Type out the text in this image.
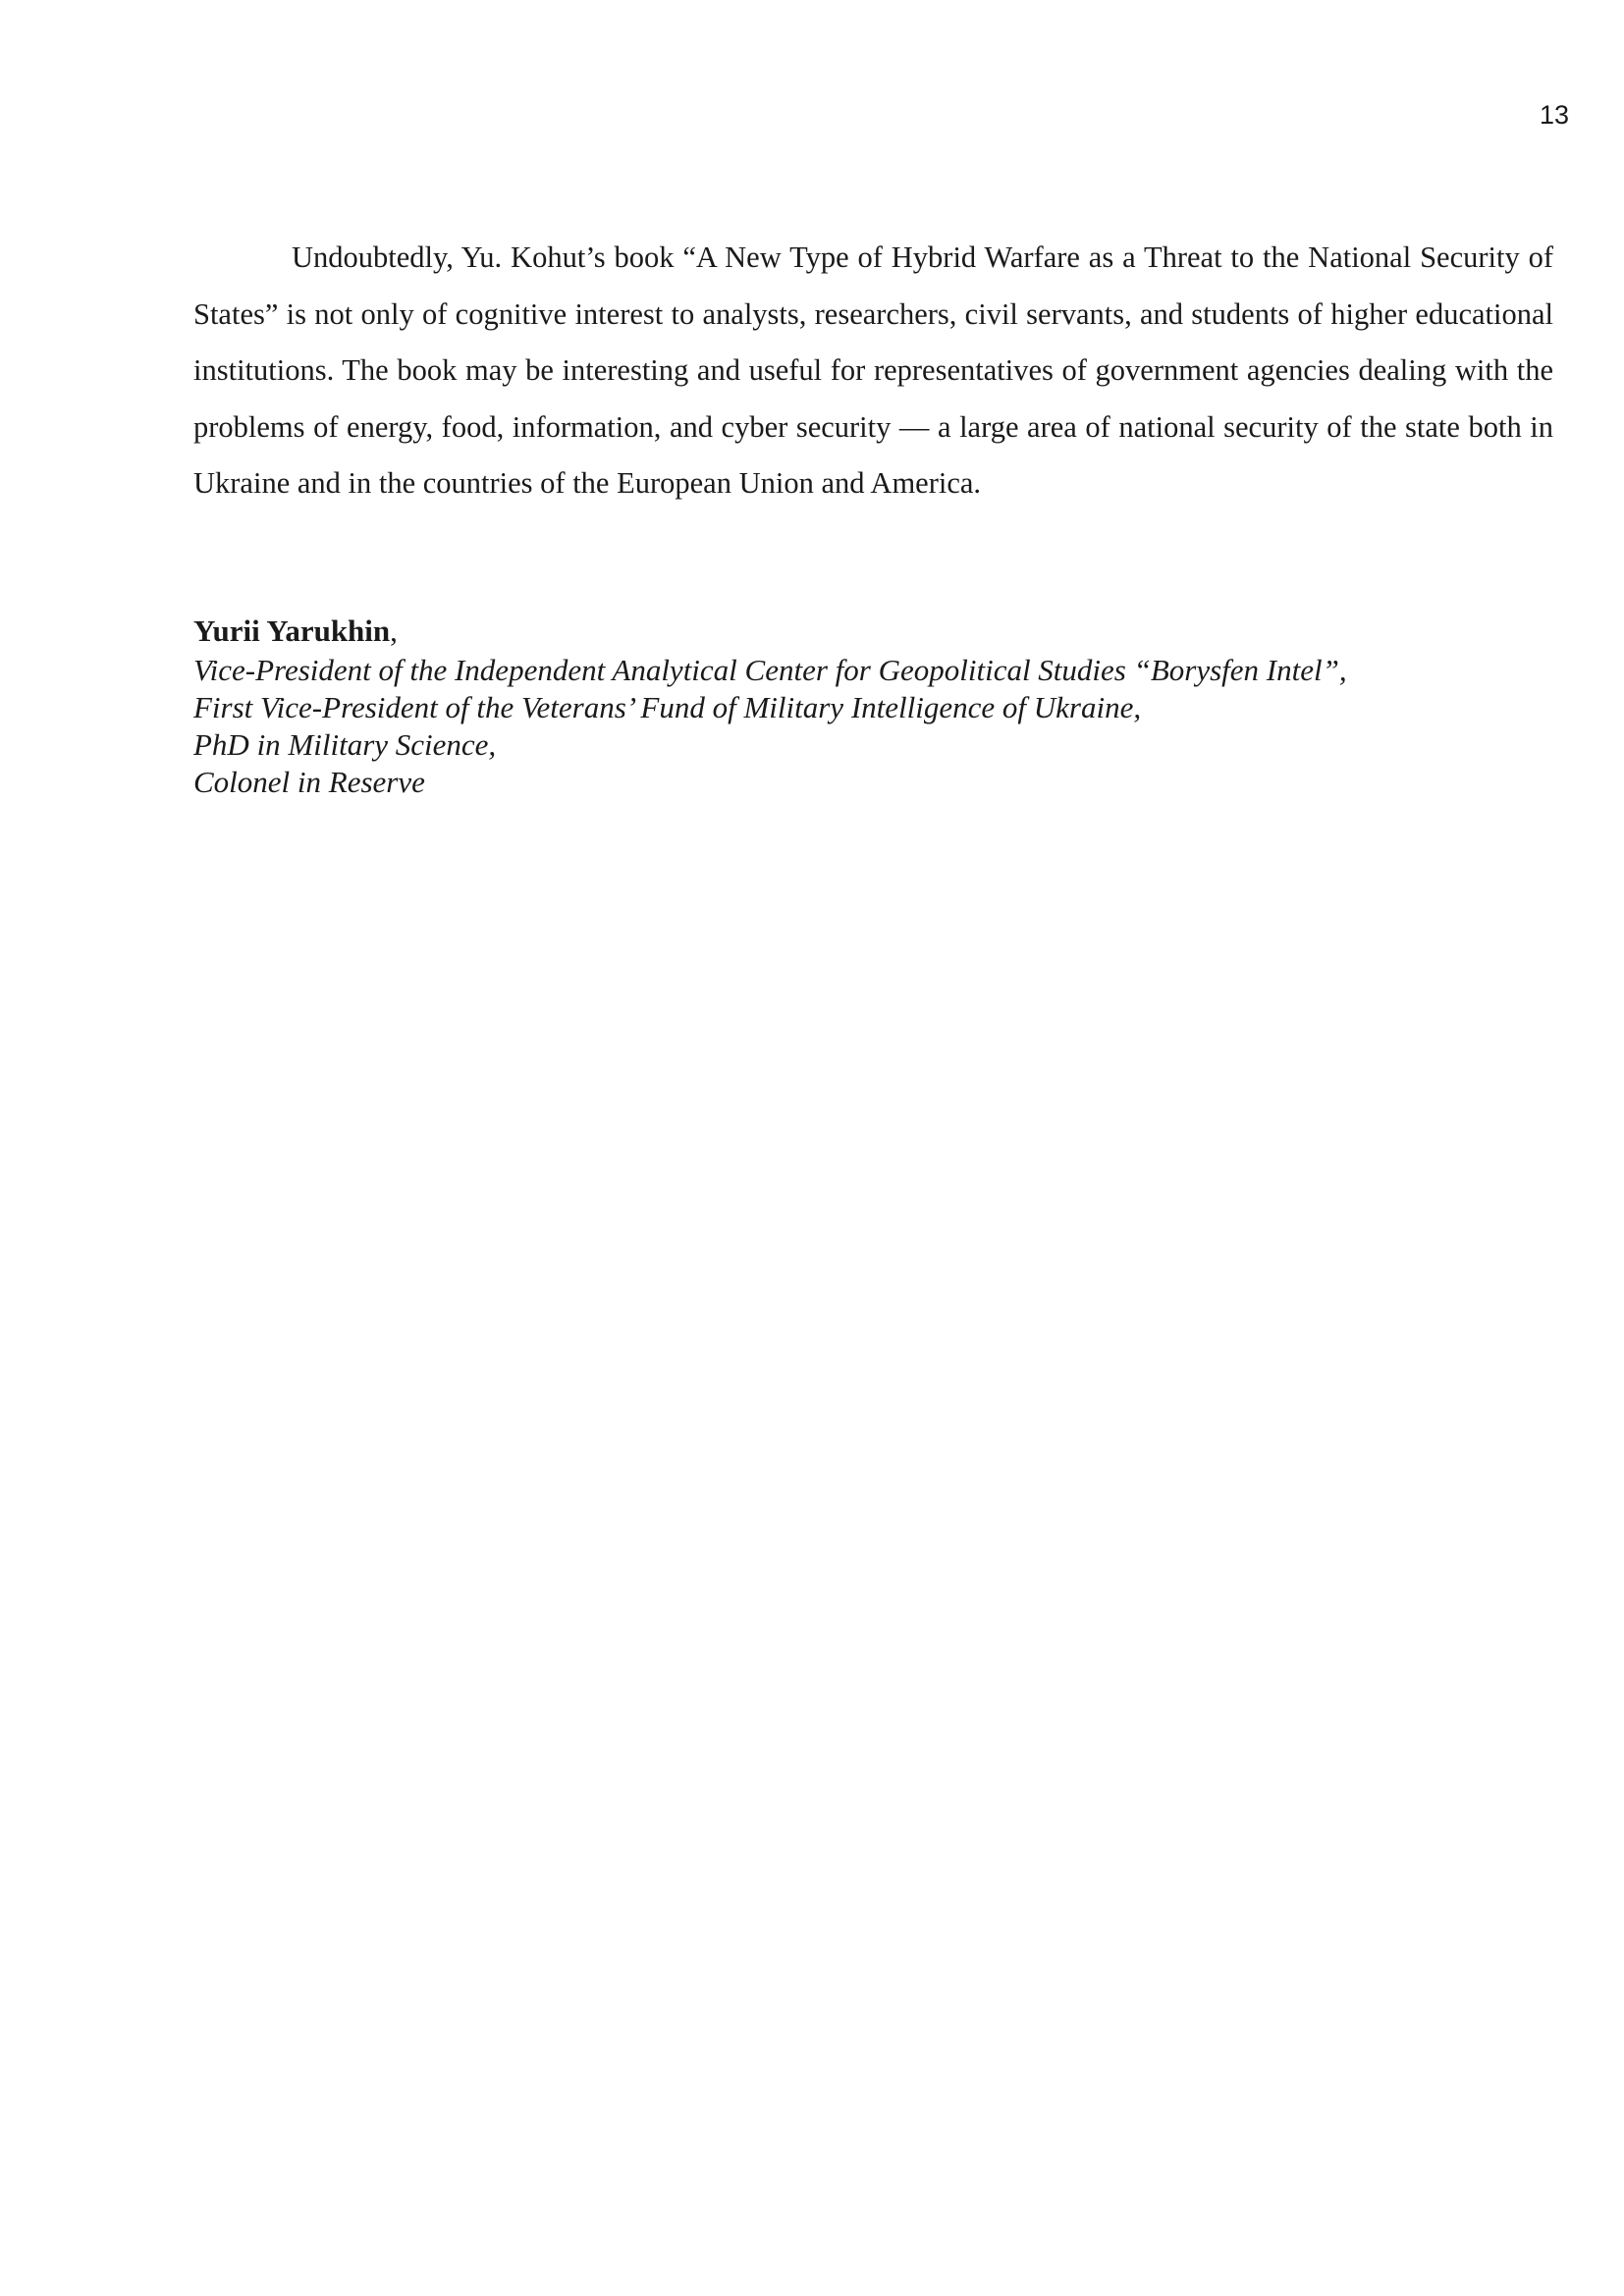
13

Undoubtedly, Yu. Kohut’s book “A New Type of Hybrid Warfare as a Threat to the National Security of States” is not only of cognitive interest to analysts, researchers, civil servants, and students of higher educational institutions. The book may be interesting and useful for representatives of government agencies dealing with the problems of energy, food, information, and cyber security — a large area of national security of the state both in Ukraine and in the countries of the European Union and America.

Yurii Yarukhin,
Vice-President of the Independent Analytical Center for Geopolitical Studies “Borysfen Intel”,
First Vice-President of the Veterans’ Fund of Military Intelligence of Ukraine,
PhD in Military Science,
Colonel in Reserve
